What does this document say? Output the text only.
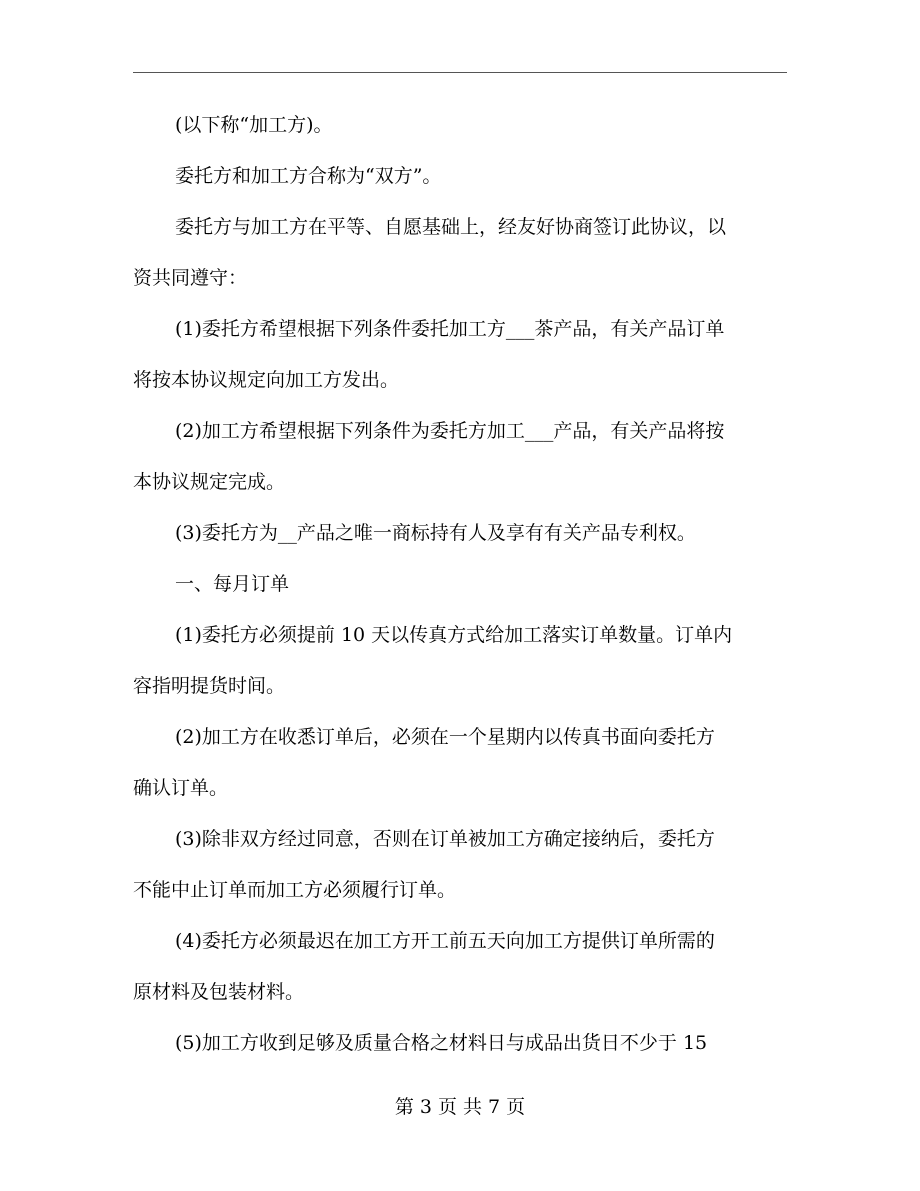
(以下称“加工方)。
委托方和加工方合称为“双方”。
委托方与加工方在平等、自愿基础上，经友好协商签订此协议，以
资共同遵守：
(1)委托方希望根据下列条件委托加工方___茶产品，有关产品订单
将按本协议规定向加工方发出。
(2)加工方希望根据下列条件为委托方加工___产品，有关产品将按
本协议规定完成。
(3)委托方为__产品之唯一商标持有人及享有有关产品专利权。
一、每月订单
(1)委托方必须提前 10 天以传真方式给加工落实订单数量。订单内
容指明提货时间。
(2)加工方在收悉订单后，必须在一个星期内以传真书面向委托方
确认订单。
(3)除非双方经过同意，否则在订单被加工方确定接纳后，委托方
不能中止订单而加工方必须履行订单。
(4)委托方必须最迟在加工方开工前五天向加工方提供订单所需的
原材料及包装材料。
(5)加工方收到足够及质量合格之材料日与成品出货日不少于 15
第 3 页 共 7 页
